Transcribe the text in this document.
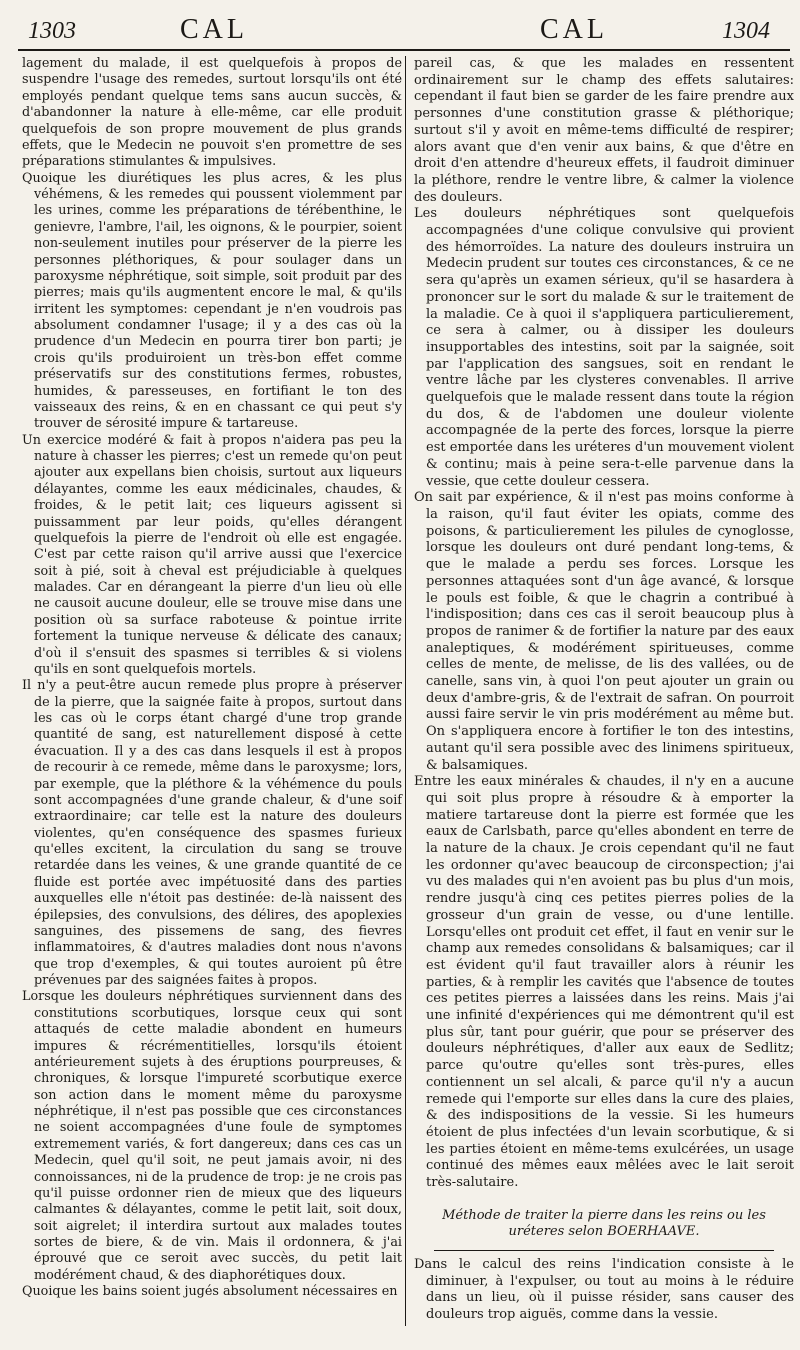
1303	CAL	CAL	1304

lagement du malade, il est quelquefois à propos de suspendre l'usage des remedes, surtout lorsqu'ils ont été employés pendant quelque tems sans aucun succès, & d'abandonner la nature à elle-même, car elle produit quelquefois de son propre mouvement de plus grands effets, que le Medecin ne pouvoit s'en promettre de ses préparations stimulantes & impulsives.

Quoique les diurétiques les plus acres, & les plus véhémens, & les remedes qui poussent violemment par les urines, comme les préparations de térébenthine, le genievre, l'ambre, l'ail, les oignons, & le pourpier, soient non-seulement inutiles pour préserver de la pierre les personnes pléthoriques, & pour soulager dans un paroxysme néphrétique, soit simple, soit produit par des pierres; mais qu'ils augmentent encore le mal, & qu'ils irritent les symptomes: cependant je n'en voudrois pas absolument condamner l'usage; il y a des cas où la prudence d'un Medecin en pourra tirer bon parti; je crois qu'ils produiroient un très-bon effet comme préservatifs sur des constitutions fermes, robustes, humides, & paresseuses, en fortifiant le ton des vaisseaux des reins, & en en chassant ce qui peut s'y trouver de sérosité impure & tartareuse.

Un exercice modéré & fait à propos n'aidera pas peu la nature à chasser les pierres; c'est un remede qu'on peut ajouter aux expellans bien choisis, surtout aux liqueurs délayantes, comme les eaux médicinales, chaudes, & froides, & le petit lait; ces liqueurs agissent si puissamment par leur poids, qu'elles dérangent quelquefois la pierre de l'endroit où elle est engagée. C'est par cette raison qu'il arrive aussi que l'exercice soit à pié, soit à cheval est préjudiciable à quelques malades. Car en dérangeant la pierre d'un lieu où elle ne causoit aucune douleur, elle se trouve mise dans une position où sa surface raboteuse & pointue irrite fortement la tunique nerveuse & délicate des canaux; d'où il s'ensuit des spasmes si terribles & si violens qu'ils en sont quelquefois mortels.

Il n'y a peut-être aucun remede plus propre à préserver de la pierre, que la saignée faite à propos, surtout dans les cas où le corps étant chargé d'une trop grande quantité de sang, est naturellement disposé à cette évacuation. Il y a des cas dans lesquels il est à propos de recourir à ce remede, même dans le paroxysme; lors, par exemple, que la pléthore & la véhémence du pouls sont accompagnées d'une grande chaleur, & d'une soif extraordinaire; car telle est la nature des douleurs violentes, qu'en conséquence des spasmes furieux qu'elles excitent, la circulation du sang se trouve retardée dans les veines, & une grande quantité de ce fluide est portée avec impétuosité dans des parties auxquelles elle n'étoit pas destinée: de-là naissent des épilepsies, des convulsions, des délires, des apoplexies sanguines, des pissemens de sang, des fievres inflammatoires, & d'autres maladies dont nous n'avons que trop d'exemples, & qui toutes auroient pû être prévenues par des saignées faites à propos.

Lorsque les douleurs néphrétiques surviennent dans des constitutions scorbutiques, lorsque ceux qui sont attaqués de cette maladie abondent en humeurs impures & récrémentitielles, lorsqu'ils étoient antérieurement sujets à des éruptions pourpreuses, & chroniques, & lorsque l'impureté scorbutique exerce son action dans le moment même du paroxysme néphrétique, il n'est pas possible que ces circonstances ne soient accompagnées d'une foule de symptomes extremement variés, & fort dangereux; dans ces cas un Medecin, quel qu'il soit, ne peut jamais avoir, ni des connoissances, ni de la prudence de trop: je ne crois pas qu'il puisse ordonner rien de mieux que des liqueurs calmantes & délayantes, comme le petit lait, soit doux, soit aigrelet; il interdira surtout aux malades toutes sortes de biere, & de vin. Mais il ordonnera, & j'ai éprouvé que ce seroit avec succès, du petit lait modérément chaud, & des diaphorétiques doux.

Quoique les bains soient jugés absolument nécessaires en

pareil cas, & que les malades en ressentent ordinairement sur le champ des effets salutaires: cependant il faut bien se garder de les faire prendre aux personnes d'une constitution grasse & pléthorique; surtout s'il y avoit en même-tems difficulté de respirer; alors avant que d'en venir aux bains, & que d'être en droit d'en attendre d'heureux effets, il faudroit diminuer la pléthore, rendre le ventre libre, & calmer la violence des douleurs.

Les douleurs néphrétiques sont quelquefois accompagnées d'une colique convulsive qui provient des hémorroïdes. La nature des douleurs instruira un Medecin prudent sur toutes ces circonstances, & ce ne sera qu'après un examen sérieux, qu'il se hasardera à prononcer sur le sort du malade & sur le traitement de la maladie. Ce à quoi il s'appliquera particulierement, ce sera à calmer, ou à dissiper les douleurs insupportables des intestins, soit par la saignée, soit par l'application des sangsues, soit en rendant le ventre lâche par les clysteres convenables. Il arrive quelquefois que le malade ressent dans toute la région du dos, & de l'abdomen une douleur violente accompagnée de la perte des forces, lorsque la pierre est emportée dans les uréteres d'un mouvement violent & continu; mais à peine sera-t-elle parvenue dans la vessie, que cette douleur cessera.

On sait par expérience, & il n'est pas moins conforme à la raison, qu'il faut éviter les opiats, comme des poisons, & particulierement les pilules de cynoglosse, lorsque les douleurs ont duré pendant long-tems, & que le malade a perdu ses forces. Lorsque les personnes attaquées sont d'un âge avancé, & lorsque le pouls est foible, & que le chagrin a contribué à l'indisposition; dans ces cas il seroit beaucoup plus à propos de ranimer & de fortifier la nature par des eaux analeptiques, & modérément spiritueuses, comme celles de mente, de melisse, de lis des vallées, ou de canelle, sans vin, à quoi l'on peut ajouter un grain ou deux d'ambre-gris, & de l'extrait de safran. On pourroit aussi faire servir le vin pris modérément au même but. On s'appliquera encore à fortifier le ton des intestins, autant qu'il sera possible avec des linimens spiritueux, & balsamiques.

Entre les eaux minérales & chaudes, il n'y en a aucune qui soit plus propre à résoudre & à emporter la matiere tartareuse dont la pierre est formée que les eaux de Carlsbath, parce qu'elles abondent en terre de la nature de la chaux. Je crois cependant qu'il ne faut les ordonner qu'avec beaucoup de circonspection; j'ai vu des malades qui n'en avoient pas bu plus d'un mois, rendre jusqu'à cinq ces petites pierres polies de la grosseur d'un grain de vesse, ou d'une lentille. Lorsqu'elles ont produit cet effet, il faut en venir sur le champ aux remedes consolidans & balsamiques; car il est évident qu'il faut travailler alors à réunir les parties, & à remplir les cavités que l'absence de toutes ces petites pierres a laissées dans les reins. Mais j'ai une infinité d'expériences qui me démontrent qu'il est plus sûr, tant pour guérir, que pour se préserver des douleurs néphrétiques, d'aller aux eaux de Sedlitz; parce qu'outre qu'elles sont très-pures, elles contiennent un sel alcali, & parce qu'il n'y a aucun remede qui l'emporte sur elles dans la cure des plaies, & des indispositions de la vessie. Si les humeurs étoient de plus infectées d'un levain scorbutique, & si les parties étoient en même-tems exulcérées, un usage continué des mêmes eaux mêlées avec le lait seroit très-salutaire.

Méthode de traiter la pierre dans les reins ou les uréteres selon BOERHAAVE.

Dans le calcul des reins l'indication consiste à le diminuer, à l'expulser, ou tout au moins à le réduire dans un lieu, où il puisse résider, sans causer des douleurs trop aiguës, comme dans la vessie.
